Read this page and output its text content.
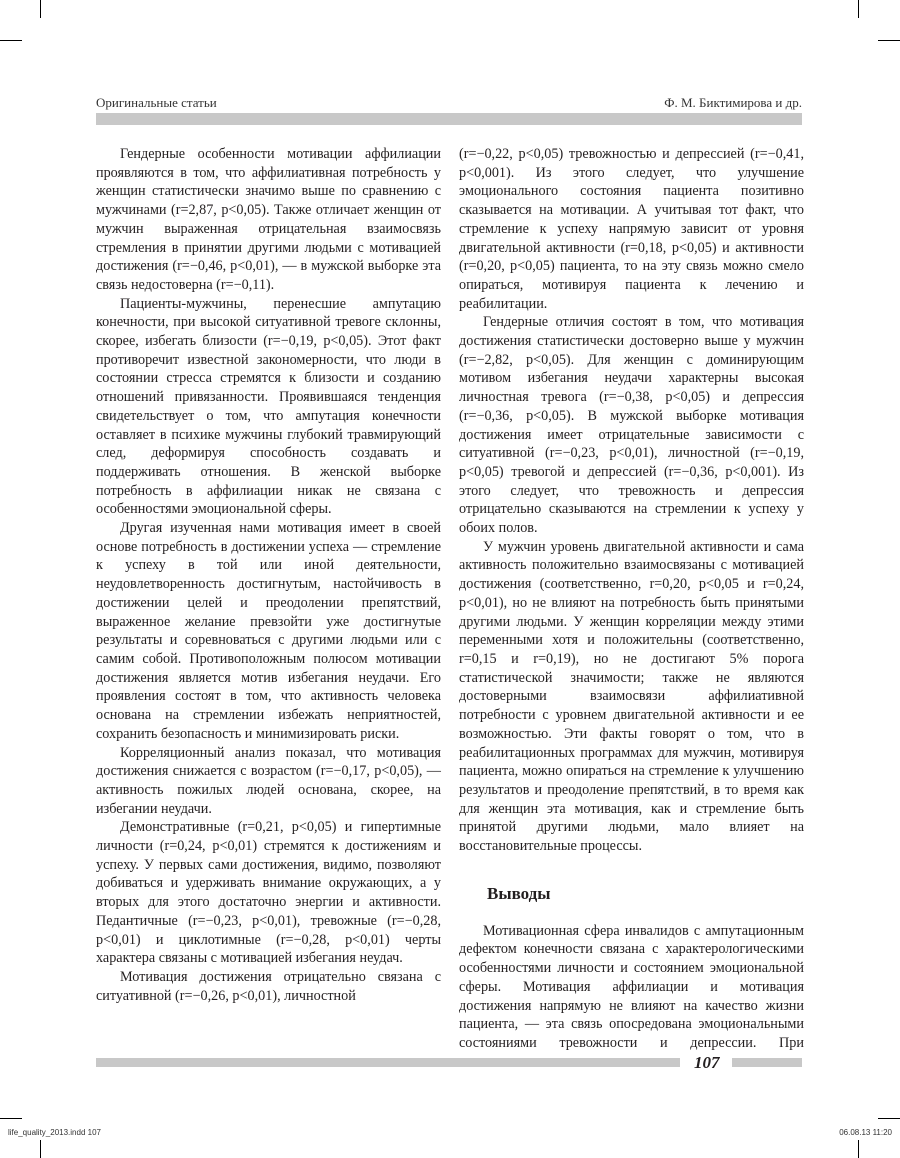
Оригинальные статьи	Ф. М. Биктимирова и др.

Гендерные особенности мотивации аффилиации проявляются в том, что аффилиативная потребность у женщин статистически значимо выше по сравнению с мужчинами (r=2,87, p<0,05). Также отличает женщин от мужчин выраженная отрицательная взаимосвязь стремления в принятии другими людьми с мотивацией достижения (r=−0,46, p<0,01), — в мужской выборке эта связь недостоверна (r=−0,11).

Пациенты-мужчины, перенесшие ампутацию конечности, при высокой ситуативной тревоге склонны, скорее, избегать близости (r=−0,19, p<0,05). Этот факт противоречит известной закономерности, что люди в состоянии стресса стремятся к близости и созданию отношений привязанности. Проявившаяся тенденция свидетельствует о том, что ампутация конечности оставляет в психике мужчины глубокий травмирующий след, деформируя способность создавать и поддерживать отношения. В женской выборке потребность в аффилиации никак не связана с особенностями эмоциональной сферы.

Другая изученная нами мотивация имеет в своей основе потребность в достижении успеха — стремление к успеху в той или иной деятельности, неудовлетворенность достигнутым, настойчивость в достижении целей и преодолении препятствий, выраженное желание превзойти уже достигнутые результаты и соревноваться с другими людьми или с самим собой. Противоположным полюсом мотивации достижения является мотив избегания неудачи. Его проявления состоят в том, что активность человека основана на стремлении избежать неприятностей, сохранить безопасность и минимизировать риски.

Корреляционный анализ показал, что мотивация достижения снижается с возрастом (r=−0,17, p<0,05), — активность пожилых людей основана, скорее, на избегании неудачи.

Демонстративные (r=0,21, p<0,05) и гипертимные личности (r=0,24, p<0,01) стремятся к достижениям и успеху. У первых сами достижения, видимо, позволяют добиваться и удерживать внимание окружающих, а у вторых для этого достаточно энергии и активности. Педантичные (r=−0,23, p<0,01), тревожные (r=−0,28, p<0,01) и циклотимные (r=−0,28, p<0,01) черты характера связаны с мотивацией избегания неудач.

Мотивация достижения отрицательно связана с ситуативной (r=−0,26, p<0,01), личностной

(r=−0,22, p<0,05) тревожностью и депрессией (r=−0,41, p<0,001). Из этого следует, что улучшение эмоционального состояния пациента позитивно сказывается на мотивации. А учитывая тот факт, что стремление к успеху напрямую зависит от уровня двигательной активности (r=0,18, p<0,05) и активности (r=0,20, p<0,05) пациента, то на эту связь можно смело опираться, мотивируя пациента к лечению и реабилитации.

Гендерные отличия состоят в том, что мотивация достижения статистически достоверно выше у мужчин (r=−2,82, p<0,05). Для женщин с доминирующим мотивом избегания неудачи характерны высокая личностная тревога (r=−0,38, p<0,05) и депрессия (r=−0,36, p<0,05). В мужской выборке мотивация достижения имеет отрицательные зависимости с ситуативной (r=−0,23, p<0,01), личностной (r=−0,19, p<0,05) тревогой и депрессией (r=−0,36, p<0,001). Из этого следует, что тревожность и депрессия отрицательно сказываются на стремлении к успеху у обоих полов.

У мужчин уровень двигательной активности и сама активность положительно взаимосвязаны с мотивацией достижения (соответственно, r=0,20, p<0,05 и r=0,24, p<0,01), но не влияют на потребность быть принятыми другими людьми. У женщин корреляции между этими переменными хотя и положительны (соответственно, r=0,15 и r=0,19), но не достигают 5% порога статистической значимости; также не являются достоверными взаимосвязи аффилиативной потребности с уровнем двигательной активности и ее возможностью. Эти факты говорят о том, что в реабилитационных программах для мужчин, мотивируя пациента, можно опираться на стремление к улучшению результатов и преодоление препятствий, в то время как для женщин эта мотивация, как и стремление быть принятой другими людьми, мало влияет на восстановительные процессы.

Выводы

Мотивационная сфера инвалидов с ампутационным дефектом конечности связана с характерологическими особенностями личности и состоянием эмоциональной сферы. Мотивация аффилиации и мотивация достижения напрямую не влияют на качество жизни пациента, — эта связь опосредована эмоциональными состояниями тревожности и депрессии. При

107
life_quality_2013.indd 107	06.08.13 11:20
